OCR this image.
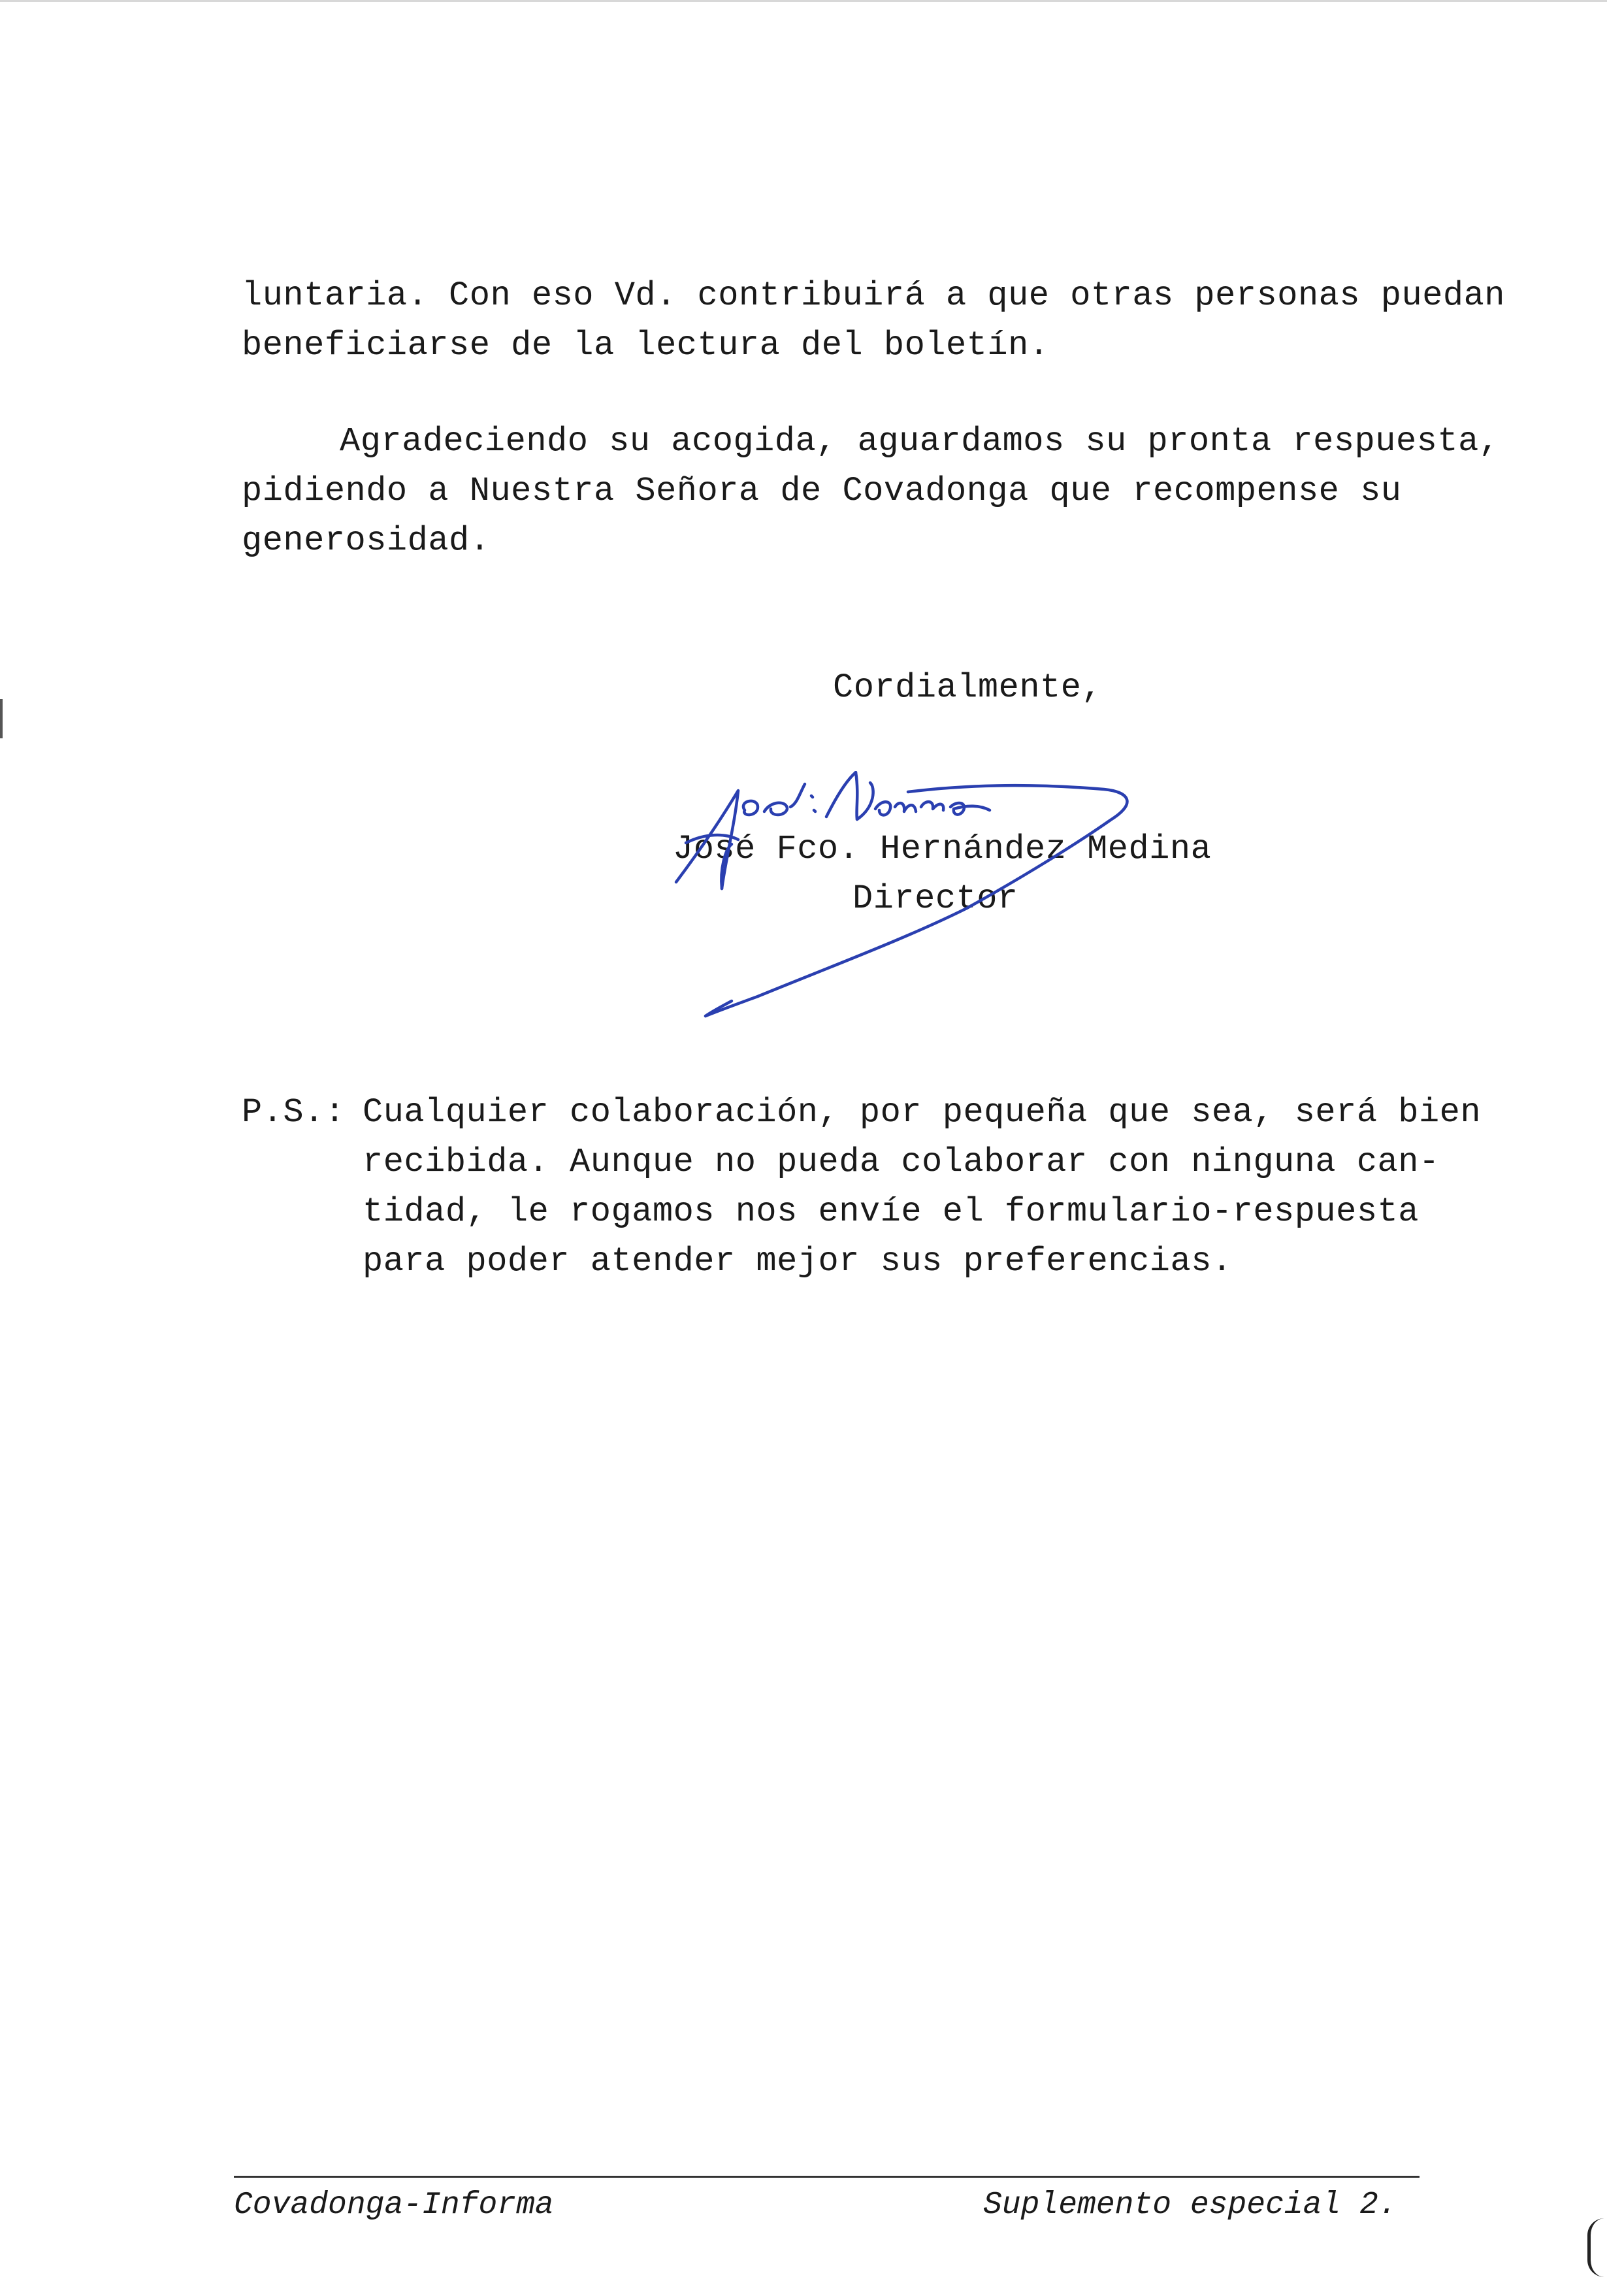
luntaria. Con eso Vd. contribuirá a que otras personas puedan
beneficiarse de la lectura del boletín.
Agradeciendo su acogida, aguardamos su pronta respuesta,
pidiendo a Nuestra Señora de Covadonga que recompense su
generosidad.
Cordialmente,
José Fco. Hernández Medina
Director
P.S.: Cualquier colaboración, por pequeña que sea, será bien
recibida. Aunque no pueda colaborar con ninguna can-
tidad, le rogamos nos envíe el formulario-respuesta
para poder atender mejor sus preferencias.
Covadonga-Informa	Suplemento especial 2.
